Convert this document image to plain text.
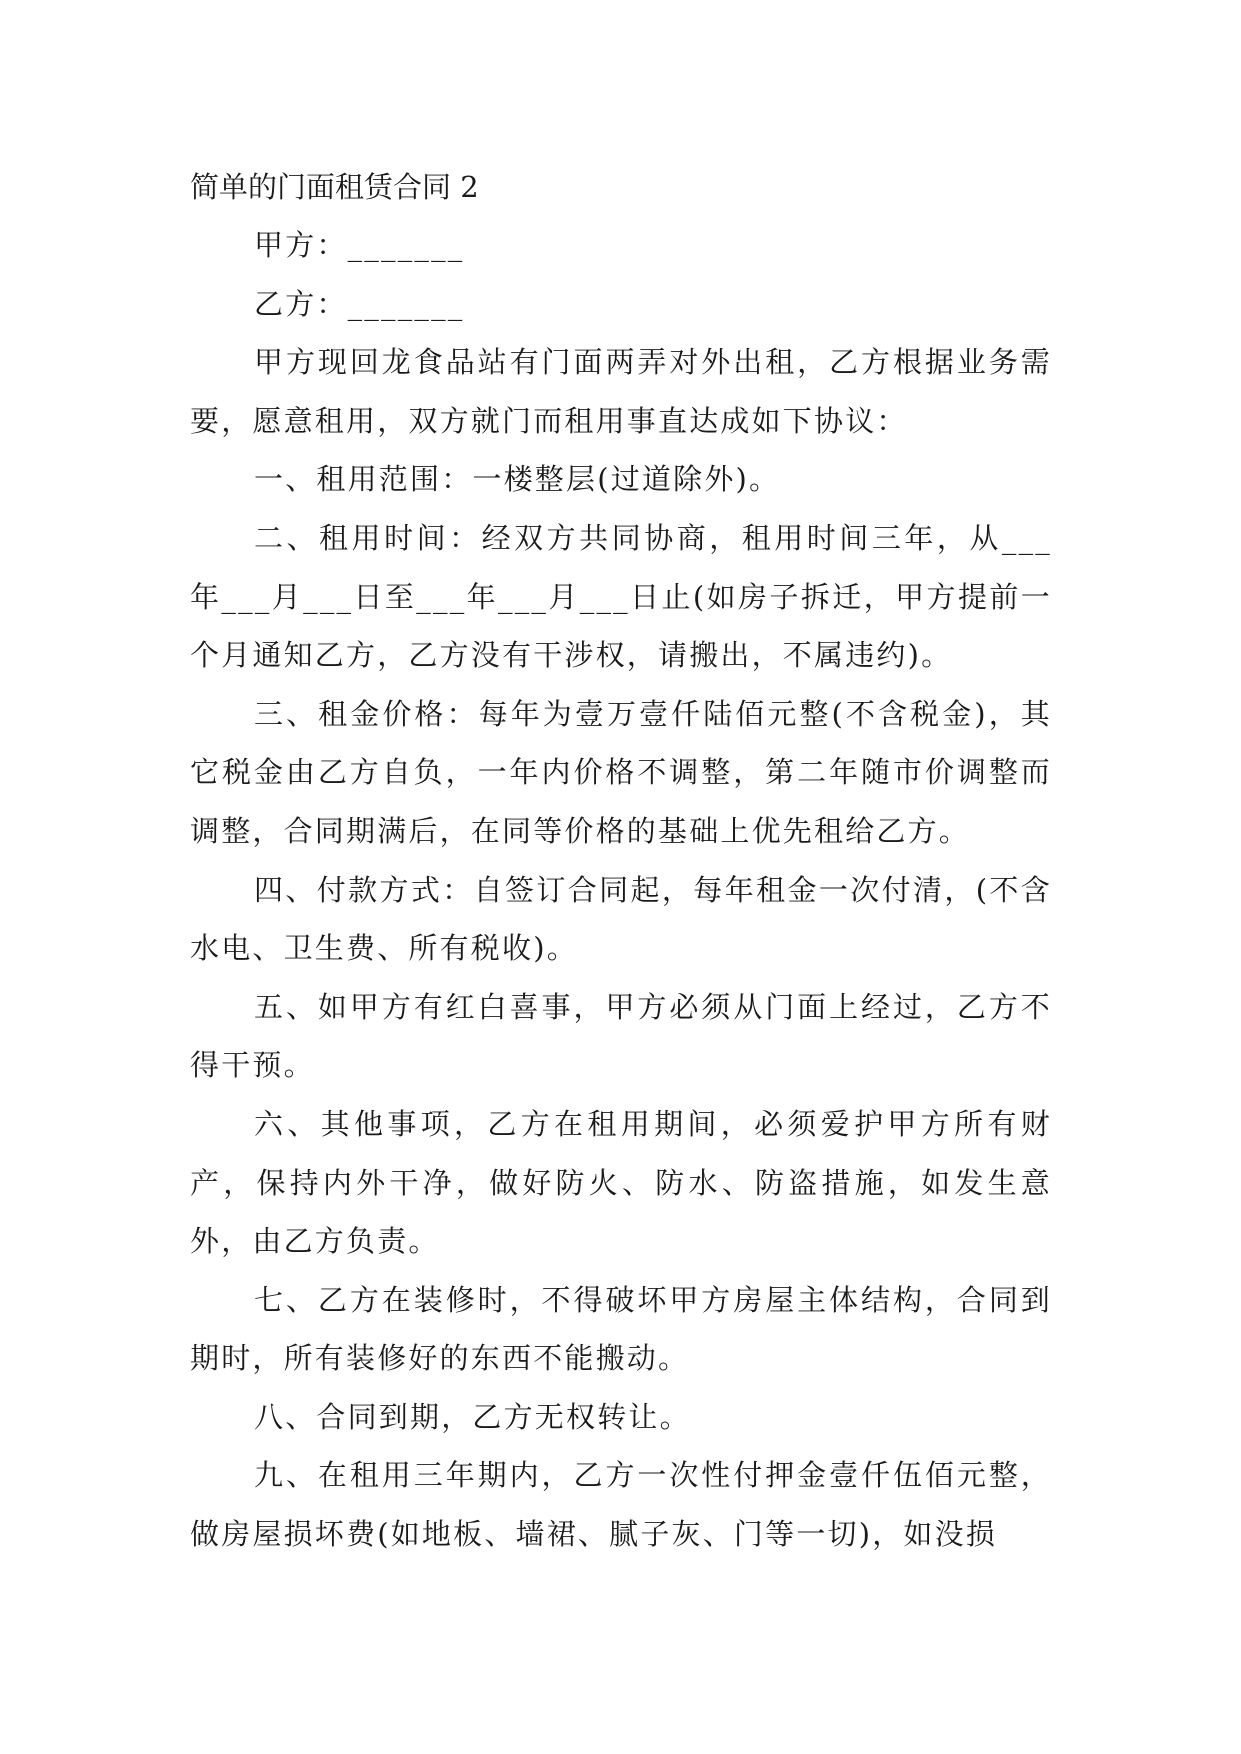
简单的门面租赁合同 2
甲方：_______
乙方：_______

甲方现回龙食品站有门面两弄对外出租，乙方根据业务需要，愿意租用，双方就门而租用事直达成如下协议：

一、租用范围：一楼整层(过道除外)。

二、租用时间：经双方共同协商，租用时间三年，从___年___月___日至___年___月___日止(如房子拆迁，甲方提前一个月通知乙方，乙方没有干涉权，请搬出，不属违约)。

三、租金价格：每年为壹万壹仟陆佰元整(不含税金)，其它税金由乙方自负，一年内价格不调整，第二年随市价调整而调整，合同期满后，在同等价格的基础上优先租给乙方。

四、付款方式：自签订合同起，每年租金一次付清，(不含水电、卫生费、所有税收)。

五、如甲方有红白喜事，甲方必须从门面上经过，乙方不得干预。

六、其他事项，乙方在租用期间，必须爱护甲方所有财产，保持内外干净，做好防火、防水、防盗措施，如发生意外，由乙方负责。

七、乙方在装修时，不得破坏甲方房屋主体结构，合同到期时，所有装修好的东西不能搬动。

八、合同到期，乙方无权转让。

九、在租用三年期内，乙方一次性付押金壹仟伍佰元整，做房屋损坏费(如地板、墙裙、腻子灰、门等一切)，如没损
